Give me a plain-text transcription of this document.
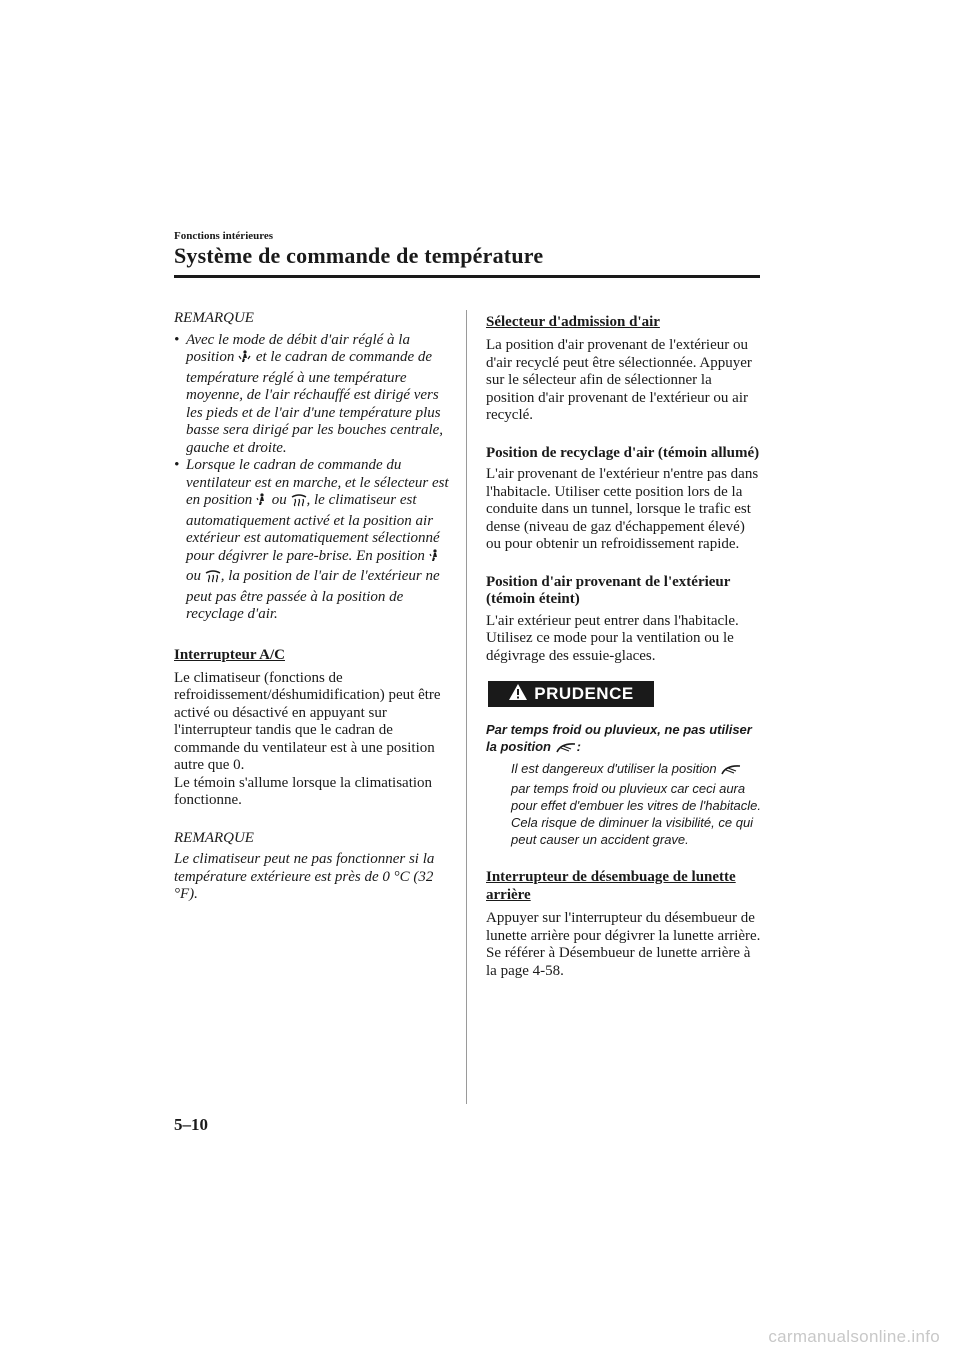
Fonctions intérieures
Système de commande de température

REMARQUE

• Avec le mode de débit d'air réglé à la position  et le cadran de commande de température réglé à une température moyenne, de l'air réchauffé est dirigé vers les pieds et de l'air d'une température plus basse sera dirigé par les bouches centrale, gauche et droite.
• Lorsque le cadran de commande du ventilateur est en marche, et le sélecteur est en position  ou , le climatiseur est automatiquement activé et la position air extérieur est automatiquement sélectionné pour dégivrer le pare-brise. En position  ou , la position de l'air de l'extérieur ne peut pas être passée à la position de recyclage d'air.
Interrupteur A/C

Le climatiseur (fonctions de refroidissement/déshumidification) peut être activé ou désactivé en appuyant sur l'interrupteur tandis que le cadran de commande du ventilateur est à une position autre que 0.

Le témoin s'allume lorsque la climatisation fonctionne.

REMARQUE

Le climatiseur peut ne pas fonctionner si la température extérieure est près de 0 °C (32 °F).

Sélecteur d'admission d'air

La position d'air provenant de l'extérieur ou d'air recyclé peut être sélectionnée. Appuyer sur le sélecteur afin de sélectionner la position d'air provenant de l'extérieur ou air recyclé.

Position de recyclage d'air (témoin allumé)

L'air provenant de l'extérieur n'entre pas dans l'habitacle. Utiliser cette position lors de la conduite dans un tunnel, lorsque le trafic est dense (niveau de gaz d'échappement élevé) ou pour obtenir un refroidissement rapide.

Position d'air provenant de l'extérieur (témoin éteint)

L'air extérieur peut entrer dans l'habitacle. Utilisez ce mode pour la ventilation ou le dégivrage des essuie-glaces.

PRUDENCE

Par temps froid ou pluvieux, ne pas utiliser la position :

Il est dangereux d'utiliser la position  par temps froid ou pluvieux car ceci aura pour effet d'embuer les vitres de l'habitacle. Cela risque de diminuer la visibilité, ce qui peut causer un accident grave.

Interrupteur de désembuage de lunette arrière

Appuyer sur l'interrupteur du désembueur de lunette arrière pour dégivrer la lunette arrière.

Se référer à Désembueur de lunette arrière à la page 4-58.

5–10
carmanualsonline.info
